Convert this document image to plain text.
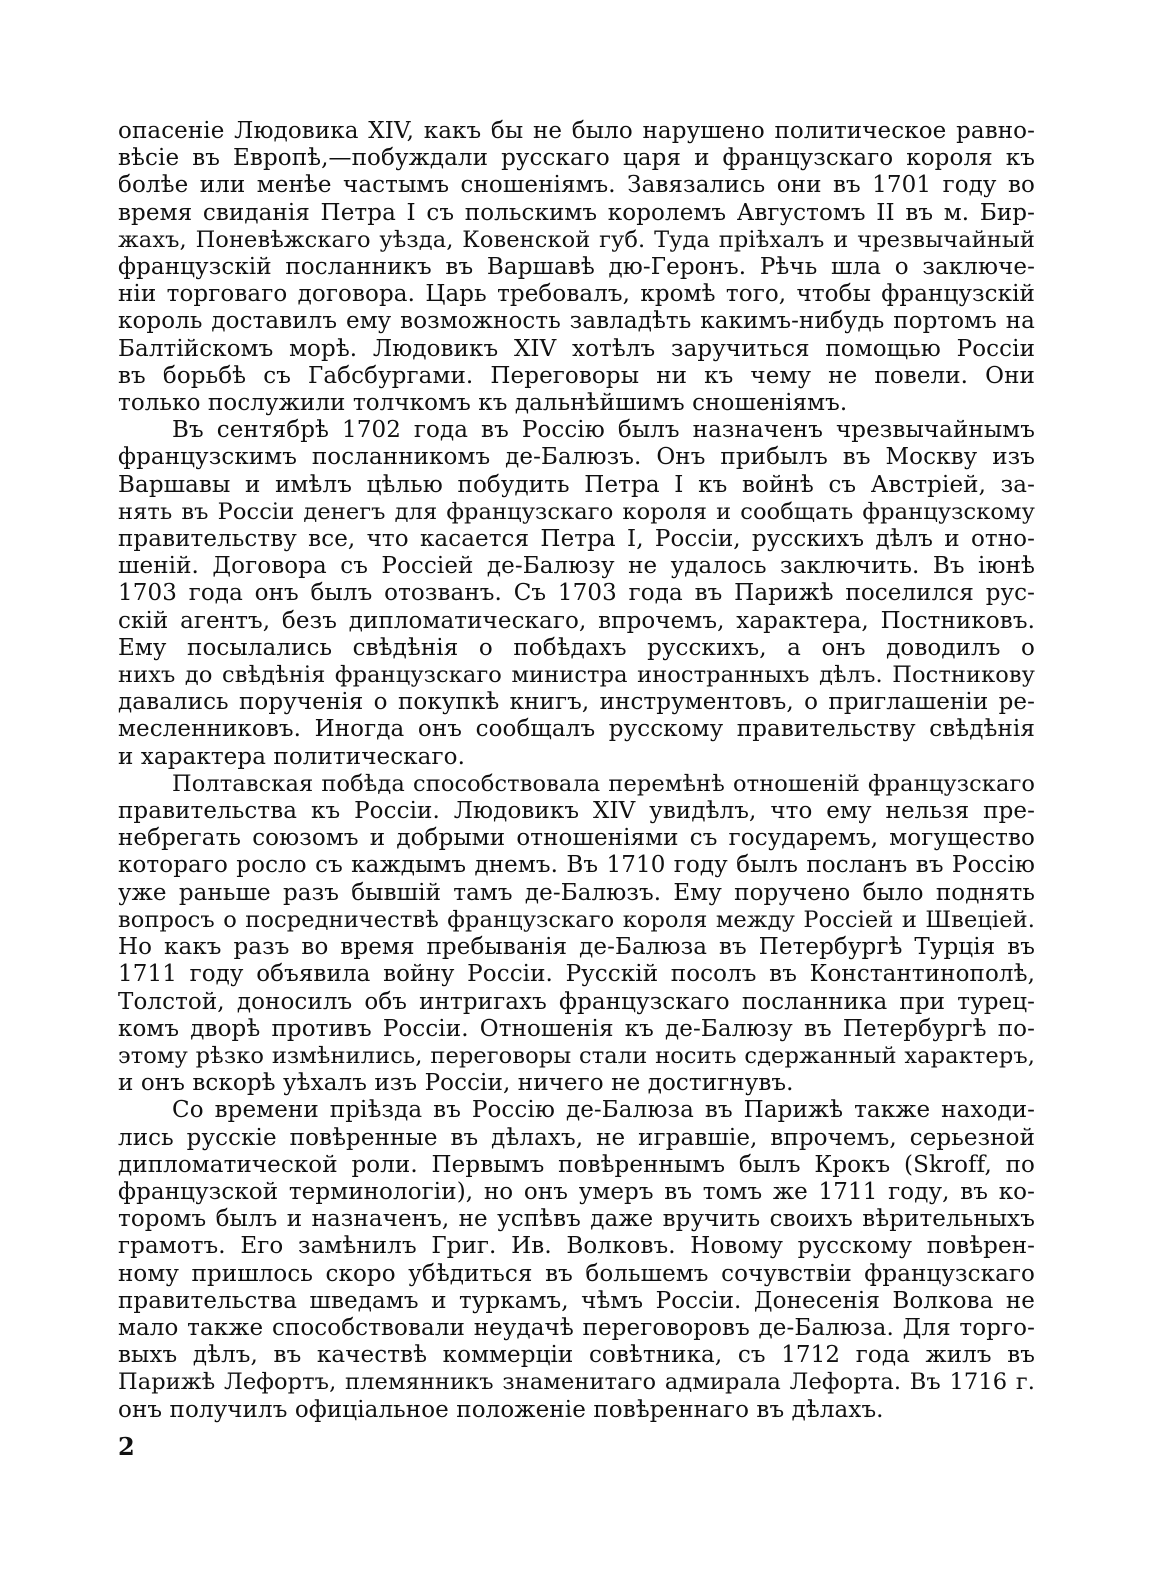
опасеніе Людовика XIV, какъ бы не было нарушено политическое равно-
вѣсіе въ Европѣ,—побуждали русскаго царя и французскаго короля къ
болѣе или менѣе частымъ сношеніямъ. Завязались они въ 1701 году во
время свиданія Петра I съ польскимъ королемъ Августомъ II въ м. Бир-
жахъ, Поневѣжскаго уѣзда, Ковенской губ. Туда пріѣхалъ и чрезвычайный
французскій посланникъ въ Варшавѣ дю-Геронъ. Рѣчь шла о заключе-
ніи торговаго договора. Царь требовалъ, кромѣ того, чтобы французскій
король доставилъ ему возможность завладѣть какимъ-нибудь портомъ на
Балтійскомъ морѣ. Людовикъ XIV хотѣлъ заручиться помощью Россіи
въ борьбѣ съ Габсбургами. Переговоры ни къ чему не повели. Они
только послужили толчкомъ къ дальнѣйшимъ сношеніямъ.
Въ сентябрѣ 1702 года въ Россію былъ назначенъ чрезвычайнымъ
французскимъ посланникомъ де-Балюзъ. Онъ прибылъ въ Москву изъ
Варшавы и имѣлъ цѣлью побудить Петра I къ войнѣ съ Австріей, за-
нять въ Россіи денегъ для французскаго короля и сообщать французскому
правительству все, что касается Петра I, Россіи, русскихъ дѣлъ и отно-
шеній. Договора съ Россіей де-Балюзу не удалось заключить. Въ іюнѣ
1703 года онъ былъ отозванъ. Съ 1703 года въ Парижѣ поселился рус-
скій агентъ, безъ дипломатическаго, впрочемъ, характера, Постниковъ.
Ему посылались свѣдѣнія о побѣдахъ русскихъ, а онъ доводилъ о
нихъ до свѣдѣнія французскаго министра иностранныхъ дѣлъ. Постникову
давались порученія о покупкѣ книгъ, инструментовъ, о приглашеніи ре-
месленниковъ. Иногда онъ сообщалъ русскому правительству свѣдѣнія
и характера политическаго.
Полтавская побѣда способствовала перемѣнѣ отношеній французскаго
правительства къ Россіи. Людовикъ XIV увидѣлъ, что ему нельзя пре-
небрегать союзомъ и добрыми отношеніями съ государемъ, могущество
котораго росло съ каждымъ днемъ. Въ 1710 году былъ посланъ въ Россію
уже раньше разъ бывшій тамъ де-Балюзъ. Ему поручено было поднять
вопросъ о посредничествѣ французскаго короля между Россіей и Швеціей.
Но какъ разъ во время пребыванія де-Балюза въ Петербургѣ Турція въ
1711 году объявила войну Россіи. Русскій посолъ въ Константинополѣ,
Толстой, доносилъ объ интригахъ французскаго посланника при турец-
комъ дворѣ противъ Россіи. Отношенія къ де-Балюзу въ Петербургѣ по-
этому рѣзко измѣнились, переговоры стали носить сдержанный характеръ,
и онъ вскорѣ уѣхалъ изъ Россіи, ничего не достигнувъ.
Со времени пріѣзда въ Россію де-Балюза въ Парижѣ также находи-
лись русскіе повѣренные въ дѣлахъ, не игравшіе, впрочемъ, серьезной
дипломатической роли. Первымъ повѣреннымъ былъ Крокъ (Skroff, по
французской терминологіи), но онъ умеръ въ томъ же 1711 году, въ ко-
торомъ былъ и назначенъ, не успѣвъ даже вручить своихъ вѣрительныхъ
грамотъ. Его замѣнилъ Григ. Ив. Волковъ. Новому русскому повѣрен-
ному пришлось скоро убѣдиться въ большемъ сочувствіи французскаго
правительства шведамъ и туркамъ, чѣмъ Россіи. Донесенія Волкова не
мало также способствовали неудачѣ переговоровъ де-Балюза. Для торго-
выхъ дѣлъ, въ качествѣ коммерціи совѣтника, съ 1712 года жилъ въ
Парижѣ Лефортъ, племянникъ знаменитаго адмирала Лефорта. Въ 1716 г.
онъ получилъ офиціальное положеніе повѣреннаго въ дѣлахъ.
2
